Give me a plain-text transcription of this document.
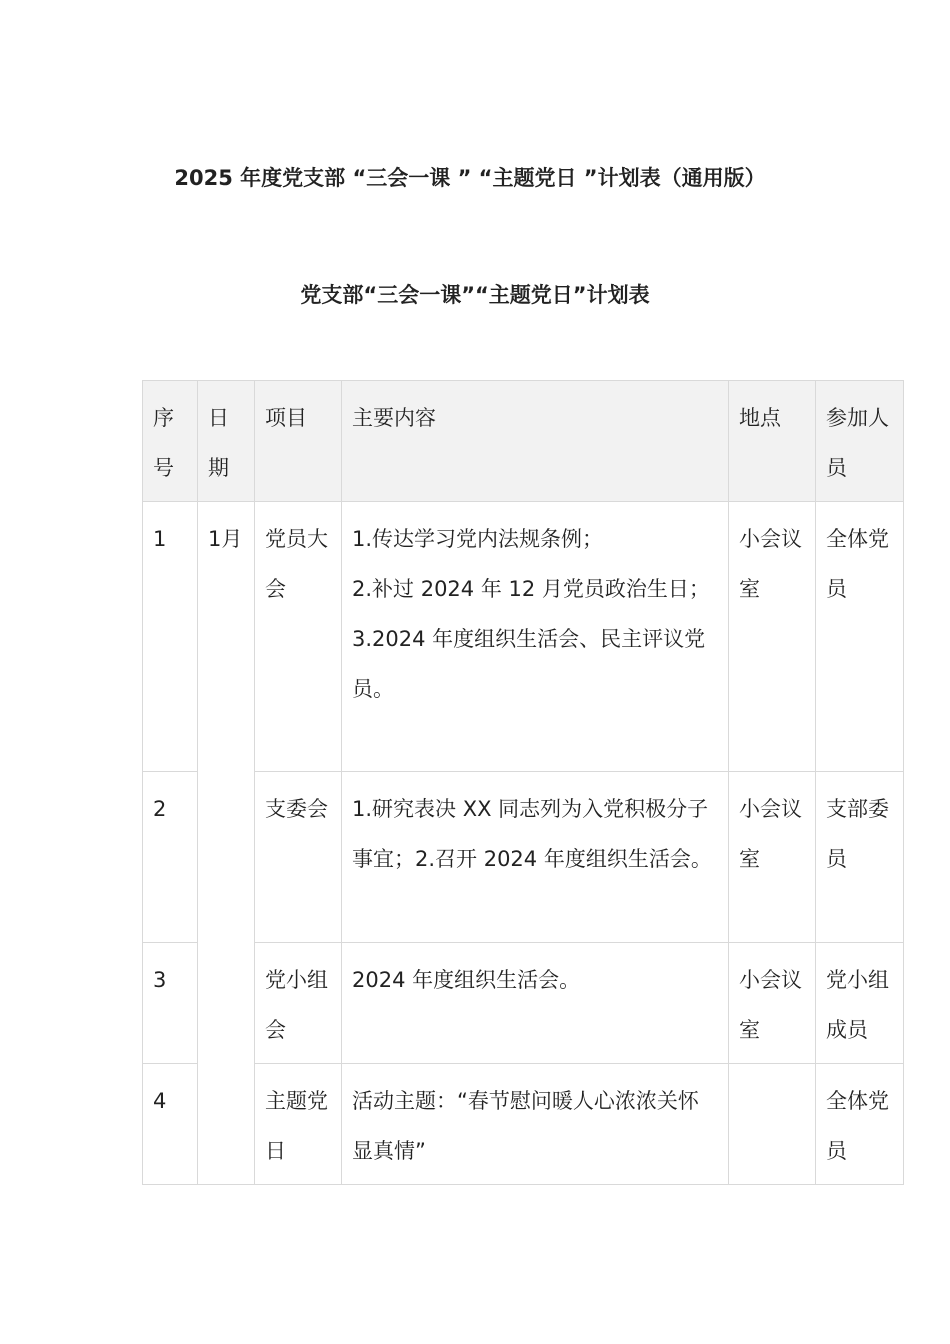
2025 年度党支部 “三会一课 ” “主题党日 ”计划表（通用版）
党支部“三会一课”“主题党日”计划表
序号	日期	项目	主要内容	地点	参加人员
1	1月	党员大会	1.传达学习党内法规条例；
2.补过 2024 年 12 月党员政治生日；
3.2024 年度组织生活会、民主评议党员。	小会议室	全体党员
2		支委会	1.研究表决 XX 同志列为入党积极分子事宜；2.召开 2024 年度组织生活会。	小会议室	支部委员
3		党小组会	2024 年度组织生活会。	小会议室	党小组成员
4		主题党日	活动主题：“春节慰问暖人心浓浓关怀显真情”		全体党员
